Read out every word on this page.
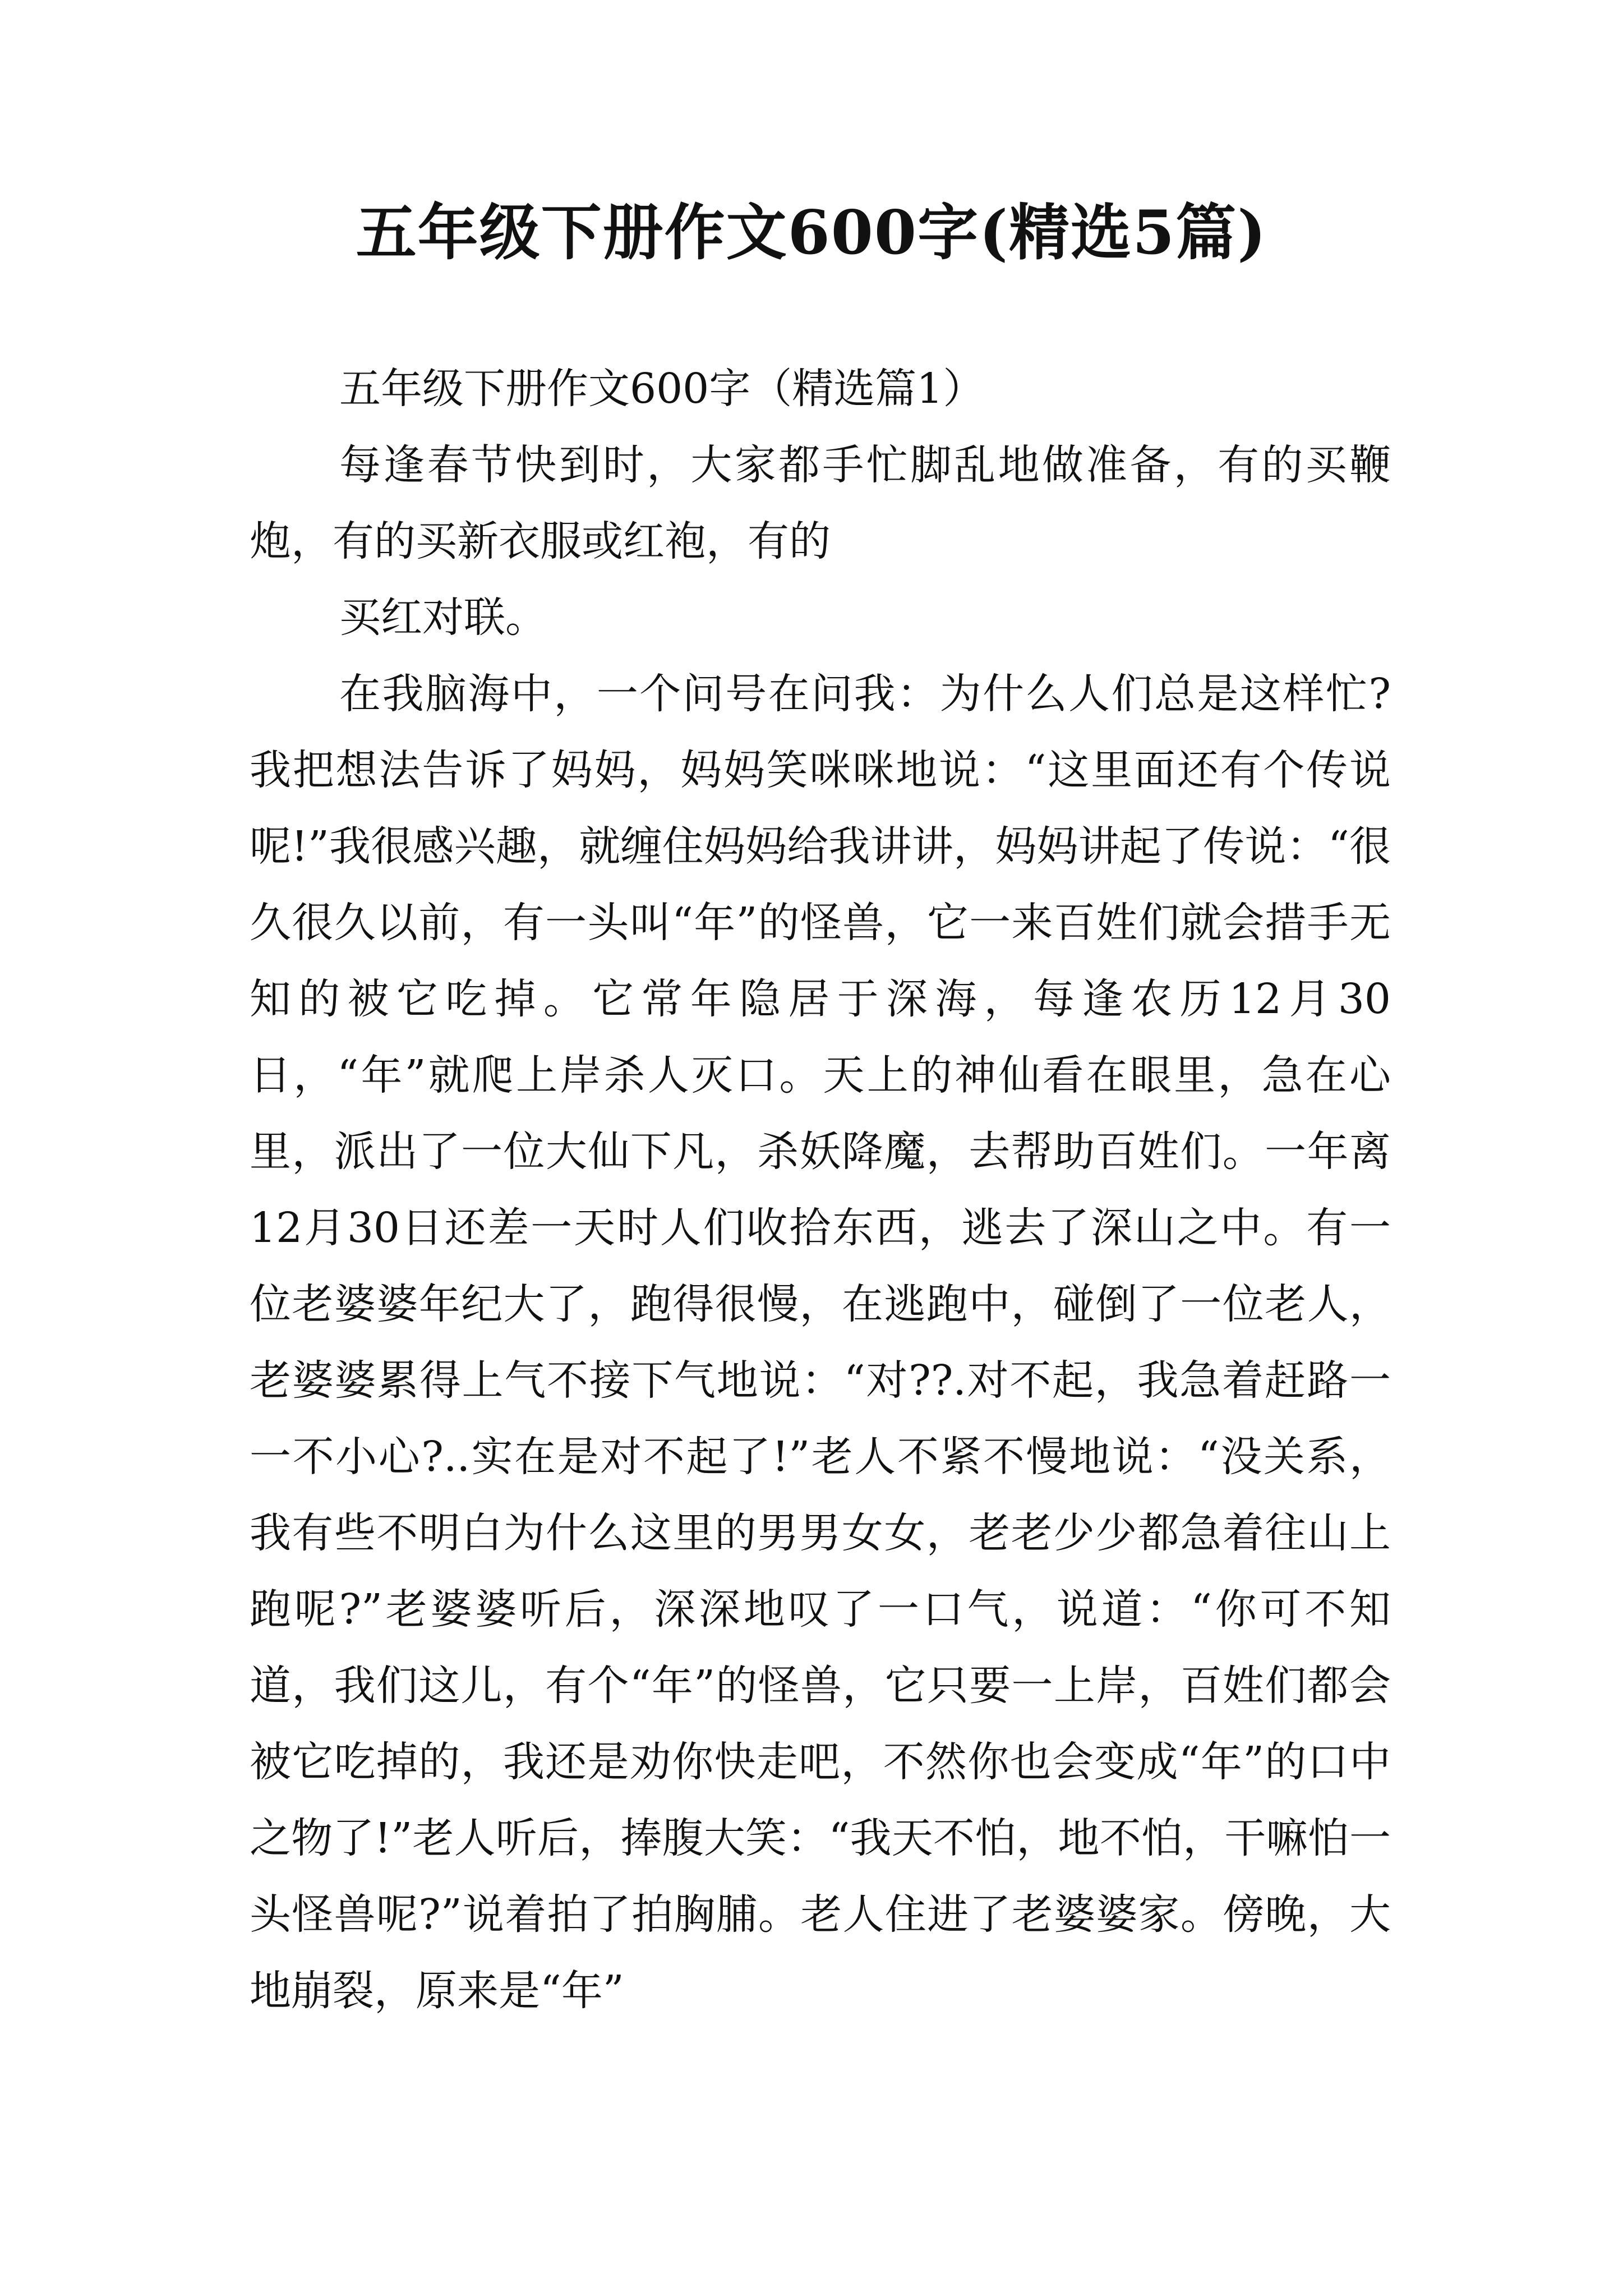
五年级下册作文600字(精选5篇)

五年级下册作文600字（精选篇1）

每逢春节快到时，大家都手忙脚乱地做准备，有的买鞭炮，有的买新衣服或红袍，有的

买红对联。

在我脑海中，一个问号在问我：为什么人们总是这样忙?我把想法告诉了妈妈，妈妈笑咪咪地说：“这里面还有个传说呢!”我很感兴趣，就缠住妈妈给我讲讲，妈妈讲起了传说：“很久很久以前，有一头叫“年”的怪兽，它一来百姓们就会措手无知的被它吃掉。它常年隐居于深海，每逢农历12月30日，“年”就爬上岸杀人灭口。天上的神仙看在眼里，急在心里，派出了一位大仙下凡，杀妖降魔，去帮助百姓们。一年离12月30日还差一天时人们收拾东西，逃去了深山之中。有一位老婆婆年纪大了，跑得很慢，在逃跑中，碰倒了一位老人，老婆婆累得上气不接下气地说：“对??.对不起，我急着赶路一一不小心?..实在是对不起了!”老人不紧不慢地说：“没关系，我有些不明白为什么这里的男男女女，老老少少都急着往山上跑呢?”老婆婆听后，深深地叹了一口气，说道：“你可不知道，我们这儿，有个“年”的怪兽，它只要一上岸，百姓们都会被它吃掉的，我还是劝你快走吧，不然你也会变成“年”的口中之物了!”老人听后，捧腹大笑：“我天不怕，地不怕，干嘛怕一头怪兽呢?”说着拍了拍胸脯。老人住进了老婆婆家。傍晚，大地崩裂，原来是“年”
